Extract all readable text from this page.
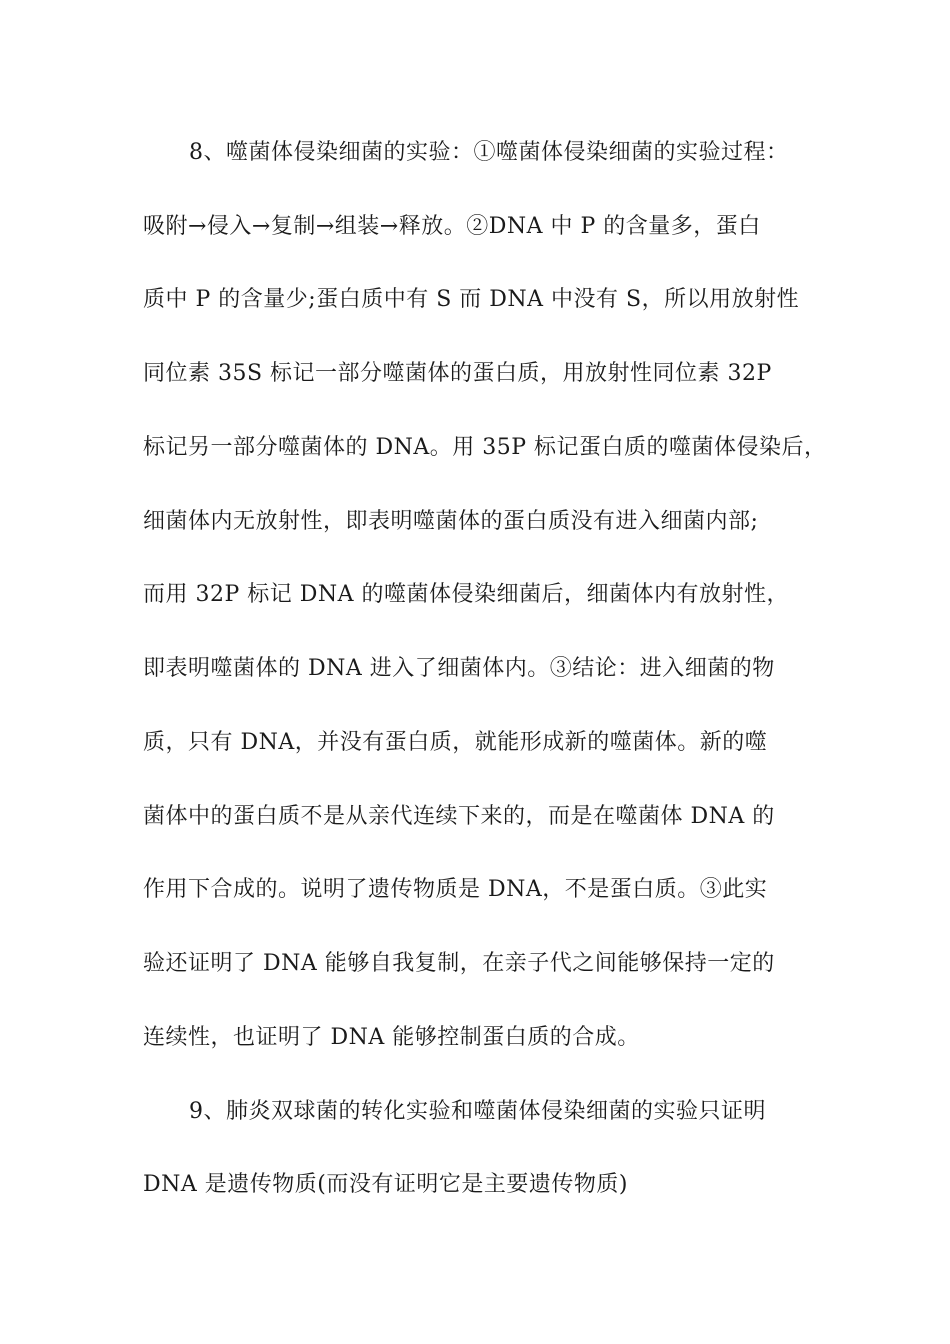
8、噬菌体侵染细菌的实验：①噬菌体侵染细菌的实验过程：
吸附→侵入→复制→组装→释放。②DNA 中 P 的含量多，蛋白
质中 P 的含量少;蛋白质中有 S 而 DNA 中没有 S，所以用放射性
同位素 35S 标记一部分噬菌体的蛋白质，用放射性同位素 32P
标记另一部分噬菌体的 DNA。用 35P 标记蛋白质的噬菌体侵染后，
细菌体内无放射性，即表明噬菌体的蛋白质没有进入细菌内部;
而用 32P 标记 DNA 的噬菌体侵染细菌后，细菌体内有放射性，
即表明噬菌体的 DNA 进入了细菌体内。③结论：进入细菌的物
质，只有 DNA，并没有蛋白质，就能形成新的噬菌体。新的噬
菌体中的蛋白质不是从亲代连续下来的，而是在噬菌体 DNA 的
作用下合成的。说明了遗传物质是 DNA，不是蛋白质。③此实
验还证明了 DNA 能够自我复制，在亲子代之间能够保持一定的
连续性，也证明了 DNA 能够控制蛋白质的合成。
9、肺炎双球菌的转化实验和噬菌体侵染细菌的实验只证明
DNA 是遗传物质(而没有证明它是主要遗传物质)
